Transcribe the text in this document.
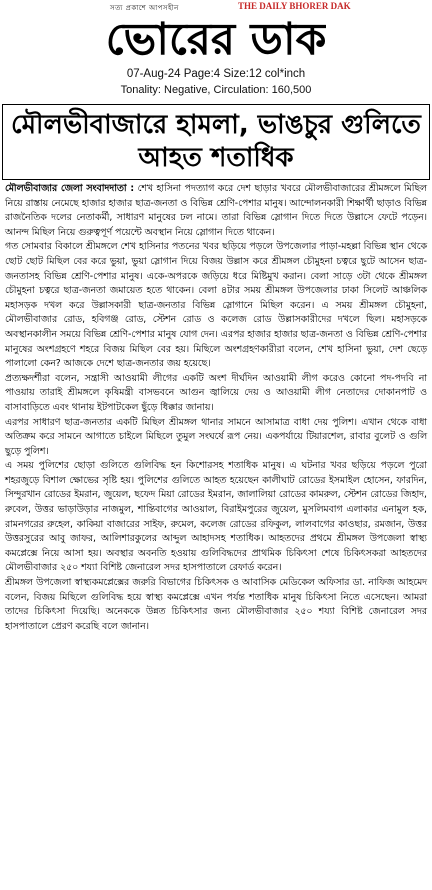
সত্য প্রকাশে আপসহীন	THE DAILY BHORER DAK
ভোরের ডাক
07-Aug-24 Page:4 Size:12 col*inch
Tonality: Negative, Circulation: 160,500
মৌলভীবাজারে হামলা, ভাঙচুর গুলিতে আহত শতাধিক

মৌলভীবাজার জেলা সংবাদদাতা : শেখ হাসিনা পদত্যাগ করে দেশ ছাড়ার খবরে মৌলভীবাজারের শ্রীমঙ্গলে মিছিল নিয়ে রাস্তায় নেমেছে হাজার হাজার ছাত্র-জনতা ও বিভিন্ন শ্রেণি-পেশার মানুষ। আন্দোলনকারী শিক্ষার্থী ছাড়াও বিভিন্ন রাজনৈতিক দলের নেতাকর্মী, সাধারণ মানুষের ঢল নামে। তারা বিভিন্ন স্লোগান দিতে দিতে উল্লাসে ফেটে পড়েন। আনন্দ মিছিল নিয়ে গুরুত্বপূর্ণ পয়েন্টে অবস্থান নিয়ে স্লোগান দিতে থাকেন।

গত সোমবার বিকালে শ্রীমঙ্গলে শেখ হাসিনার পতনের খবর ছড়িয়ে পড়লে উপজেলার পাড়া-মহল্লা বিভিন্ন স্থান থেকে ছোট ছোট মিছিল বের করে ভুয়া, ভুয়া স্লোগান দিয়ে বিজয় উল্লাস করে শ্রীমঙ্গল চৌমুহনা চত্বরে ছুটে আসেন ছাত্র-জনতাসহ বিভিন্ন শ্রেণি-পেশার মানুষ। একে-অপরকে জড়িয়ে ধরে মিষ্টিমুখ করান। বেলা সাড়ে ৩টা থেকে শ্রীমঙ্গল চৌমুহনা চত্বরে ছাত্র-জনতা জমায়েত হতে থাকেন। বেলা ৪টার সময় শ্রীমঙ্গল উপজেলার ঢাকা সিলেট আঞ্চলিক মহাসড়ক দখল করে উল্লাসকারী ছাত্র-জনতার বিভিন্ন স্লোগানে মিছিল করেন। এ সময় শ্রীমঙ্গল চৌমুহনা, মৌলভীবাজার রোড, হবিগঞ্জ রোড, স্টেশন রোড ও কলেজ রোড উল্লাসকারীদের দখলে ছিল। মহাসড়কে অবস্থানকালীন সময়ে বিভিন্ন শ্রেণি-পেশার মানুষ যোগ দেন। এরপর হাজার হাজার ছাত্র-জনতা ও বিভিন্ন শ্রেণি-পেশার মানুষের অংশগ্রহণে শহরে বিজয় মিছিল বের হয়। মিছিলে অংশগ্রহণকারীরা বলেন, শেখ হাসিনা ভুয়া, দেশ ছেড়ে পালালো কেন? আজকে দেশে ছাত্র-জনতার জয় হয়েছে।

প্রত্যক্ষদর্শীরা বলেন, সন্ত্রাসী আওয়ামী লীগের একটি অংশ দীর্ঘদিন আওয়ামী লীগ করেও কোনো পদ-পদবি না পাওয়ায় তারাই শ্রীমঙ্গলে কৃষিমন্ত্রী বাসভবনে আগুন জ্বালিয়ে দেয় ও আওয়ামী লীগ নেতাদের দোকানপাট ও বাসাবাড়িতে এবং থানায় ইটপাটকেল ছুঁড়ে ধিক্কার জানায়।

এরপর সাধারণ ছাত্র-জনতার একটি মিছিল শ্রীমঙ্গল থানার সামনে আসামাত্র বাধা দেয় পুলিশ। এখান থেকে বাধা অতিক্রম করে সামনে আগাতে চাইলে মিছিলে তুমুল সংঘর্ষে রূপ নেয়। একপর্যায়ে টিয়ারশেল, রাবার বুলেট ও গুলি ছুড়ে পুলিশ।

এ সময় পুলিশের ছোড়া গুলিতে গুলিবিদ্ধ হন কিশোরসহ শতাধিক মানুষ। এ ঘটনার খবর ছড়িয়ে পড়লে পুরো শহরজুড়ে বিশাল ক্ষোভের সৃষ্টি হয়। পুলিশের গুলিতে আহত হয়েছেন কালীঘাট রোডের ইসমাইল হোসেন, ফারদিন, সিন্দুরখান রোডের ইমরান, জুয়েল, ছফেদ মিয়া রোডের ইমরান, জালালিয়া রোডের কামরুল, স্টেশন রোডের জিহাদ, রুবেল, উত্তর ভাড়াউড়ার নাজমুল, শান্তিবাগের আওয়াল, বিরাইমপুরের জুয়েল, মুসলিমবাগ এলাকার এনামুল হক, রামনগরের রুহেল, কাকিয়া বাজারের সাইফ, রুমেল, কলেজ রোডের রফিকুল, লালবাগের কাওছার, রমজান, উত্তর উত্তরসুরের আবু জাফর, আলিশারকুলের আব্দুল আহাদসহ শতাধিক। আহতদের প্রথমে শ্রীমঙ্গল উপজেলা স্বাস্থ্য কমপ্লেক্সে নিয়ে আসা হয়। অবস্থার অবনতি হওয়ায় গুলিবিদ্ধদের প্রাথমিক চিকিৎসা শেষে চিকিৎসকরা আহতদের মৌলভীবাজার ২৫০ শয্যা বিশিষ্ট জেনারেল সদর হাসপাতালে রেফার্ড করেন।

শ্রীমঙ্গল উপজেলা স্বাস্থ্যকমপ্লেক্সের জরুরি বিভাগের চিকিৎসক ও আবাসিক মেডিকেল অফিসার ডা. নাফিজ আহমেদ বলেন, বিজয় মিছিলে গুলিবিদ্ধ হয়ে স্বাস্থ্য কমপ্লেক্সে এখন পর্যন্ত শতাধিক মানুষ চিকিৎসা নিতে এসেছেন। আমরা তাদের চিকিৎসা দিয়েছি। অনেককে উন্নত চিকিৎসার জন্য মৌলভীবাজার ২৫০ শয্যা বিশিষ্ট জেনারেল সদর হাসপাতালে প্রেরণ করেছি বলে জানান।
